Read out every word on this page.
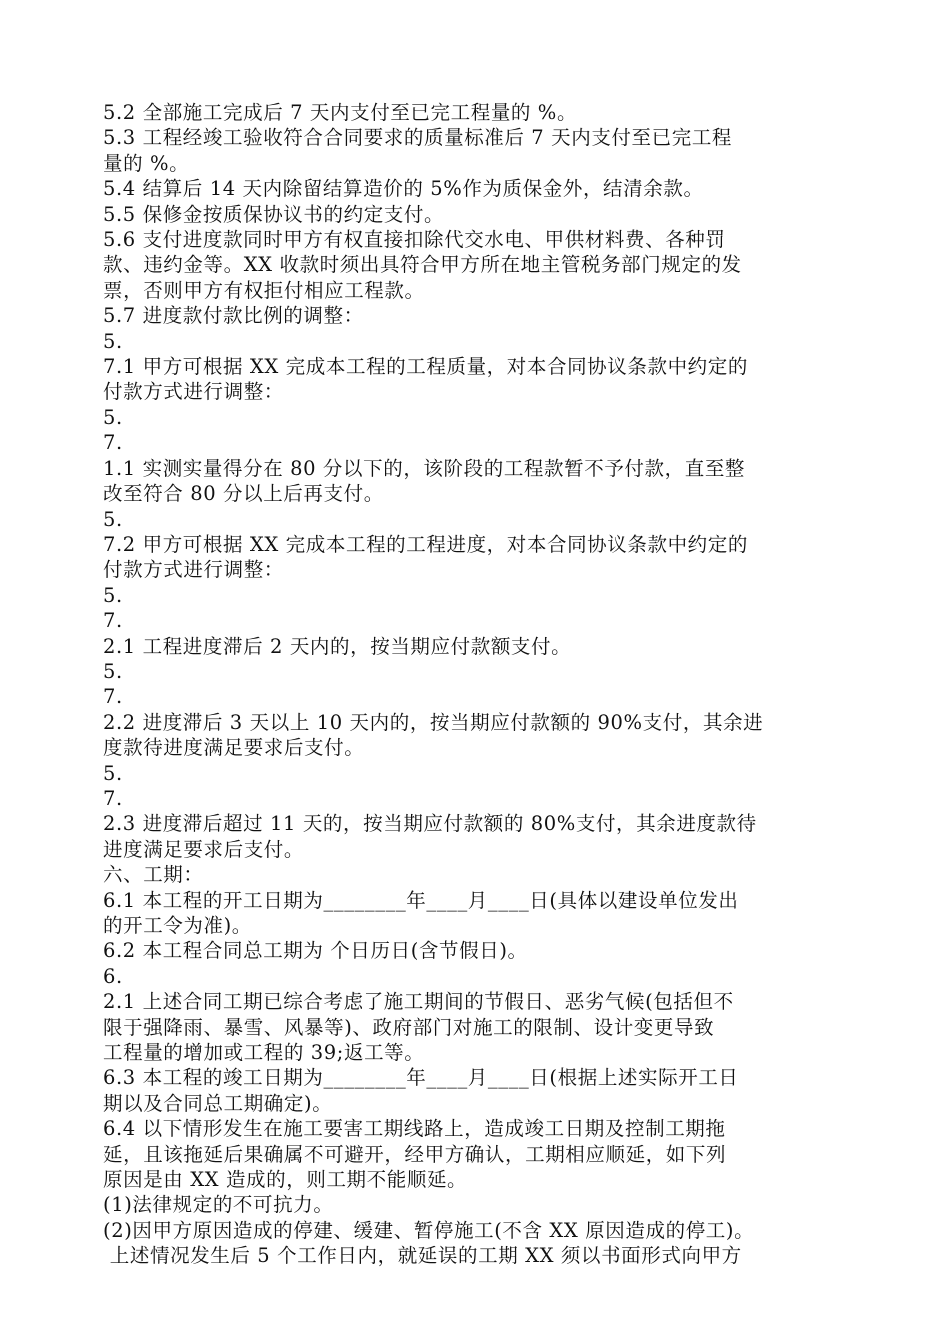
5.2 全部施工完成后 7 天内支付至已完工程量的 %。
5.3 工程经竣工验收符合合同要求的质量标准后 7 天内支付至已完工程
量的 %。
5.4 结算后 14 天内除留结算造价的 5%作为质保金外，结清余款。
5.5 保修金按质保协议书的约定支付。
5.6 支付进度款同时甲方有权直接扣除代交水电、甲供材料费、各种罚
款、违约金等。XX 收款时须出具符合甲方所在地主管税务部门规定的发
票，否则甲方有权拒付相应工程款。
5.7 进度款付款比例的调整：
5.
7.1 甲方可根据 XX 完成本工程的工程质量，对本合同协议条款中约定的
付款方式进行调整：
5.
7.
1.1 实测实量得分在 80 分以下的，该阶段的工程款暂不予付款，直至整
改至符合 80 分以上后再支付。
5.
7.2 甲方可根据 XX 完成本工程的工程进度，对本合同协议条款中约定的
付款方式进行调整：
5.
7.
2.1 工程进度滞后 2 天内的，按当期应付款额支付。
5.
7.
2.2 进度滞后 3 天以上 10 天内的，按当期应付款额的 90%支付，其余进
度款待进度满足要求后支付。
5.
7.
2.3 进度滞后超过 11 天的，按当期应付款额的 80%支付，其余进度款待
进度满足要求后支付。
六、工期：
6.1 本工程的开工日期为________年____月____日(具体以建设单位发出
的开工令为准)。
6.2 本工程合同总工期为 个日历日(含节假日)。
6.
2.1 上述合同工期已综合考虑了施工期间的节假日、恶劣气候(包括但不
限于强降雨、暴雪、风暴等)、政府部门对施工的限制、设计变更导致
工程量的增加或工程的 39;返工等。
6.3 本工程的竣工日期为________年____月____日(根据上述实际开工日
期以及合同总工期确定)。
6.4 以下情形发生在施工要害工期线路上，造成竣工日期及控制工期拖
延，且该拖延后果确属不可避开，经甲方确认，工期相应顺延，如下列
原因是由 XX 造成的，则工期不能顺延。
(1)法律规定的不可抗力。
(2)因甲方原因造成的停建、缓建、暂停施工(不含 XX 原因造成的停工)。
上述情况发生后 5 个工作日内，就延误的工期 XX 须以书面形式向甲方
